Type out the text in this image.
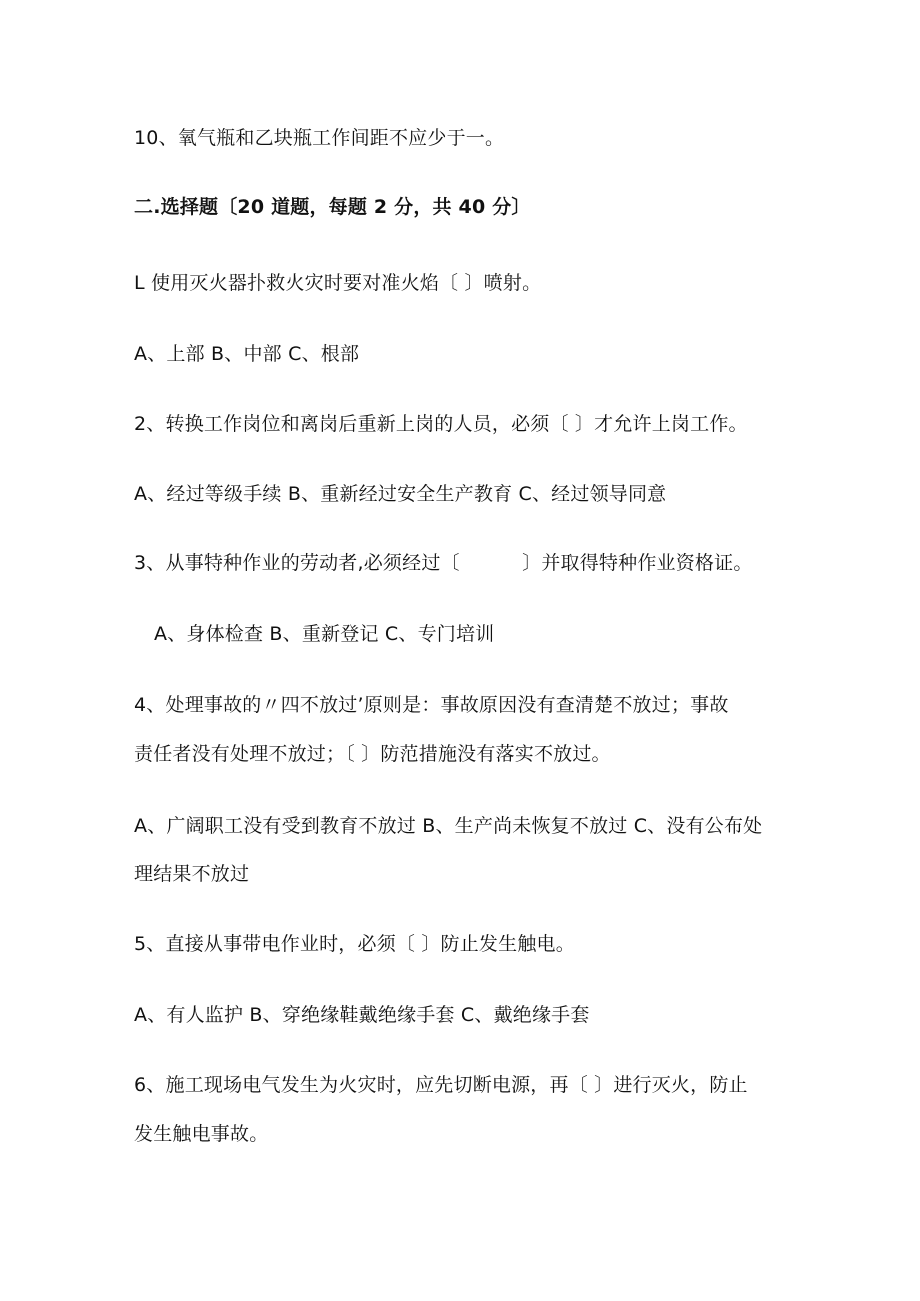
10、氧气瓶和乙块瓶工作间距不应少于一。
二.选择题〔20 道题，每题 2 分，共 40 分〕
L 使用灭火器扑救火灾时要对准火焰〔 〕喷射。
A、上部 B、中部 C、根部
2、转换工作岗位和离岗后重新上岗的人员，必须〔 〕才允许上岗工作。
A、经过等级手续 B、重新经过安全生产教育 C、经过领导同意
3、从事特种作业的劳动者,必须经过〔          〕并取得特种作业资格证。
A、身体检查 B、重新登记 C、专门培训
4、处理事故的〃四不放过’原则是：事故原因没有查清楚不放过；事故
责任者没有处理不放过；〔 〕防范措施没有落实不放过。
A、广阔职工没有受到教育不放过 B、生产尚未恢复不放过 C、没有公布处
理结果不放过
5、直接从事带电作业时，必须〔 〕防止发生触电。
A、有人监护 B、穿绝缘鞋戴绝缘手套 C、戴绝缘手套
6、施工现场电气发生为火灾时，应先切断电源，再〔 〕进行灭火，防止
发生触电事故。
